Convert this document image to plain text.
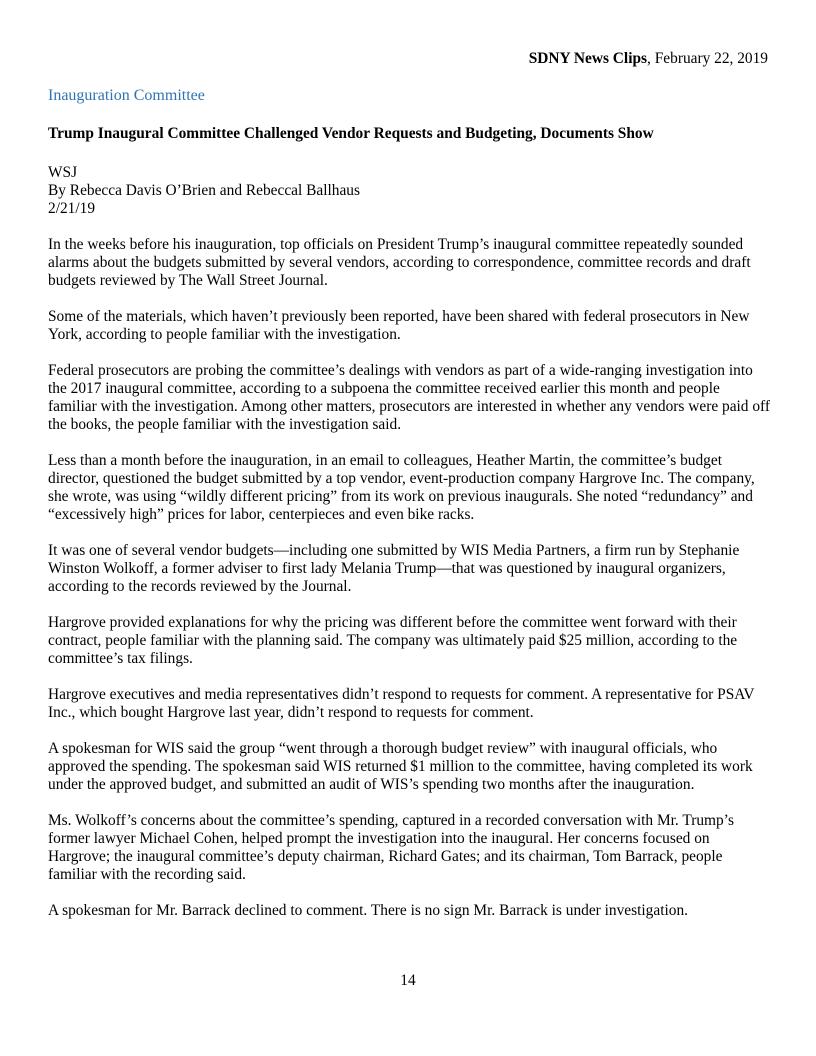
SDNY News Clips, February 22, 2019
Inauguration Committee

Trump Inaugural Committee Challenged Vendor Requests and Budgeting, Documents Show

WSJ
By Rebecca Davis O’Brien and Rebeccal Ballhaus
2/21/19

In the weeks before his inauguration, top officials on President Trump’s inaugural committee repeatedly sounded alarms about the budgets submitted by several vendors, according to correspondence, committee records and draft budgets reviewed by The Wall Street Journal.

Some of the materials, which haven’t previously been reported, have been shared with federal prosecutors in New York, according to people familiar with the investigation.

Federal prosecutors are probing the committee’s dealings with vendors as part of a wide-ranging investigation into the 2017 inaugural committee, according to a subpoena the committee received earlier this month and people familiar with the investigation. Among other matters, prosecutors are interested in whether any vendors were paid off the books, the people familiar with the investigation said.

Less than a month before the inauguration, in an email to colleagues, Heather Martin, the committee’s budget director, questioned the budget submitted by a top vendor, event-production company Hargrove Inc. The company, she wrote, was using “wildly different pricing” from its work on previous inaugurals. She noted “redundancy” and “excessively high” prices for labor, centerpieces and even bike racks.

It was one of several vendor budgets—including one submitted by WIS Media Partners, a firm run by Stephanie Winston Wolkoff, a former adviser to first lady Melania Trump—that was questioned by inaugural organizers, according to the records reviewed by the Journal.

Hargrove provided explanations for why the pricing was different before the committee went forward with their contract, people familiar with the planning said. The company was ultimately paid $25 million, according to the committee’s tax filings.

Hargrove executives and media representatives didn’t respond to requests for comment. A representative for PSAV Inc., which bought Hargrove last year, didn’t respond to requests for comment.

A spokesman for WIS said the group “went through a thorough budget review” with inaugural officials, who approved the spending. The spokesman said WIS returned $1 million to the committee, having completed its work under the approved budget, and submitted an audit of WIS’s spending two months after the inauguration.

Ms. Wolkoff’s concerns about the committee’s spending, captured in a recorded conversation with Mr. Trump’s former lawyer Michael Cohen, helped prompt the investigation into the inaugural. Her concerns focused on Hargrove; the inaugural committee’s deputy chairman, Richard Gates; and its chairman, Tom Barrack, people familiar with the recording said.

A spokesman for Mr. Barrack declined to comment. There is no sign Mr. Barrack is under investigation.

14
